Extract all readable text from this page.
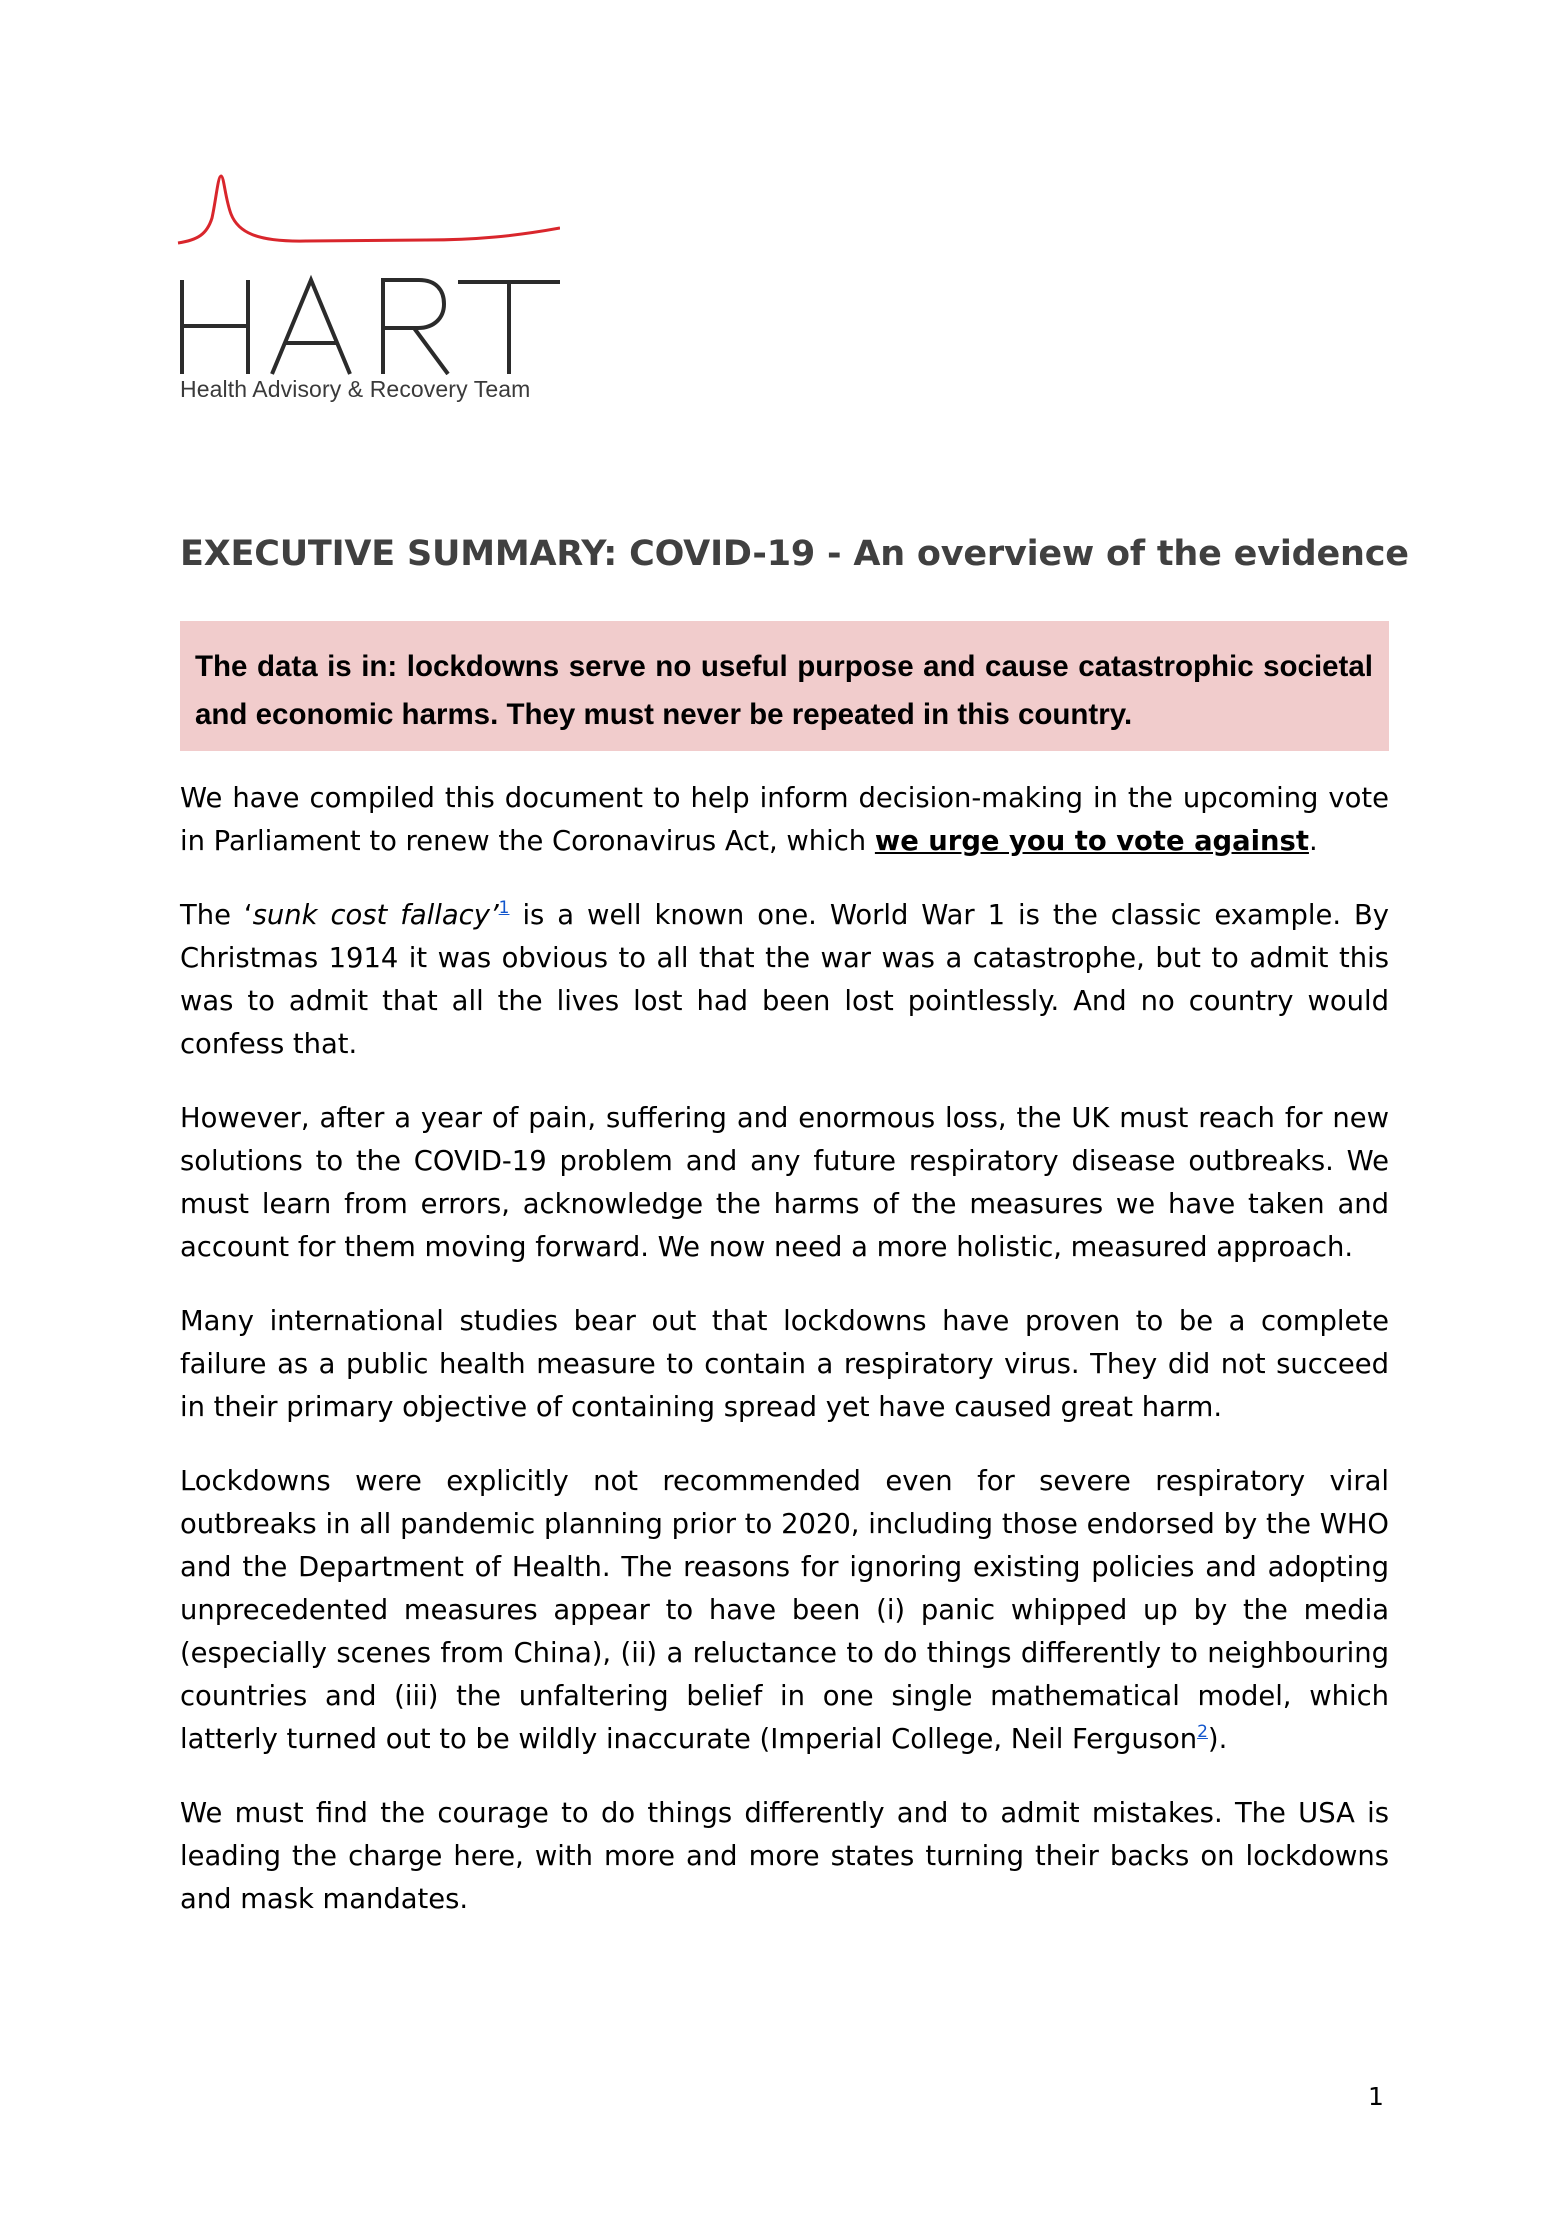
Health Advisory & Recovery Team
EXECUTIVE SUMMARY: COVID-19 - An overview of the evidence

The data is in: lockdowns serve no useful purpose and cause catastrophic societal and economic harms. They must never be repeated in this country.

We have compiled this document to help inform decision-making in the upcoming vote in Parliament to renew the Coronavirus Act, which we urge you to vote against.

The ‘sunk cost fallacy’$^1$ is a well known one. World War 1 is the classic example. By Christmas 1914 it was obvious to all that the war was a catastrophe, but to admit this was to admit that all the lives lost had been lost pointlessly. And no country would confess that.

However, after a year of pain, suffering and enormous loss, the UK must reach for new solutions to the COVID-19 problem and any future respiratory disease outbreaks. We must learn from errors, acknowledge the harms of the measures we have taken and account for them moving forward. We now need a more holistic, measured approach.

Many international studies bear out that lockdowns have proven to be a complete failure as a public health measure to contain a respiratory virus. They did not succeed in their primary objective of containing spread yet have caused great harm.

Lockdowns were explicitly not recommended even for severe respiratory viral outbreaks in all pandemic planning prior to 2020, including those endorsed by the WHO and the Department of Health. The reasons for ignoring existing policies and adopting unprecedented measures appear to have been (i) panic whipped up by the media (especially scenes from China), (ii) a reluctance to do things differently to neighbouring countries and (iii) the unfaltering belief in one single mathematical model, which latterly turned out to be wildly inaccurate (Imperial College, Neil Ferguson$^2$).

We must find the courage to do things differently and to admit mistakes. The USA is leading the charge here, with more and more states turning their backs on lockdowns and mask mandates.

1
